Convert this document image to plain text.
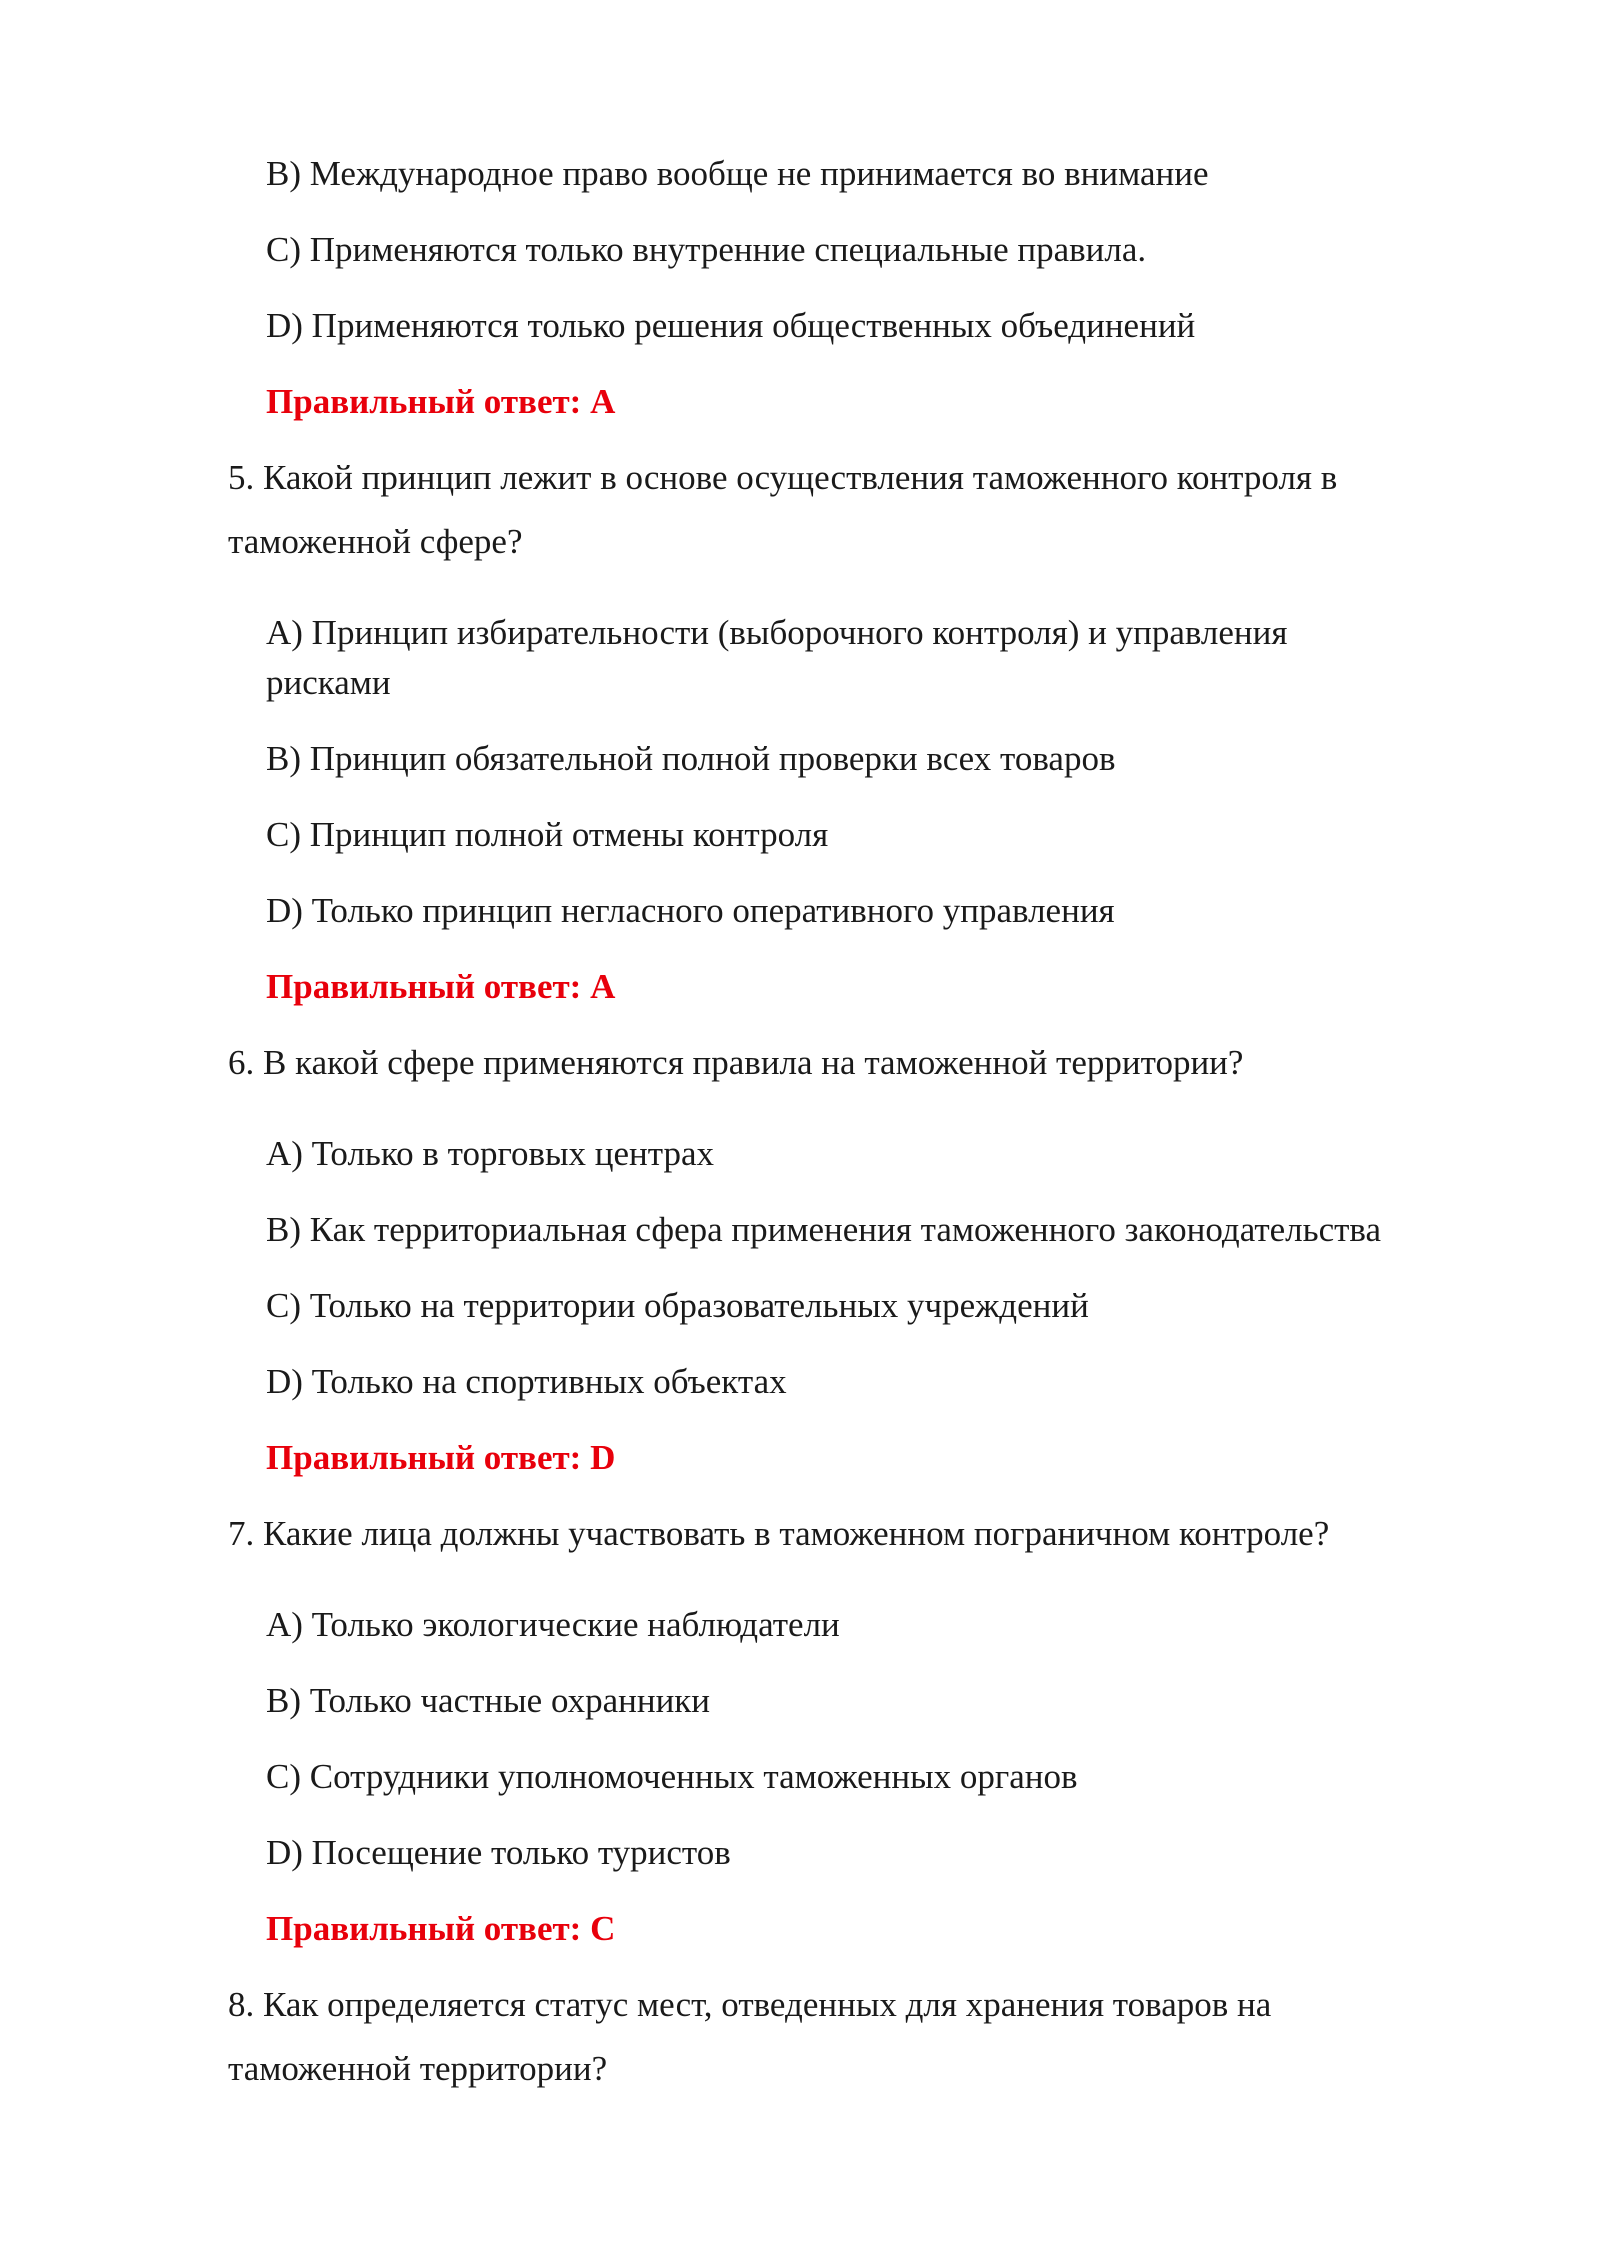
B) Международное право вообще не принимается во внимание
C) Применяются только внутренние специальные правила.
D) Применяются только решения общественных объединений
Правильный ответ: A
5. Какой принцип лежит в основе осуществления таможенного контроля в
таможенной сфере?
A) Принцип избирательности (выборочного контроля) и управления
рисками
B) Принцип обязательной полной проверки всех товаров
C) Принцип полной отмены контроля
D) Только принцип негласного оперативного управления
Правильный ответ: A
6. В какой сфере применяются правила на таможенной территории?
A) Только в торговых центрах
B) Как территориальная сфера применения таможенного законодательства
C) Только на территории образовательных учреждений
D) Только на спортивных объектах
Правильный ответ: D
7. Какие лица должны участвовать в таможенном пограничном контроле?
A) Только экологические наблюдатели
B) Только частные охранники
C) Сотрудники уполномоченных таможенных органов
D) Посещение только туристов
Правильный ответ: C
8. Как определяется статус мест, отведенных для хранения товаров на
таможенной территории?
